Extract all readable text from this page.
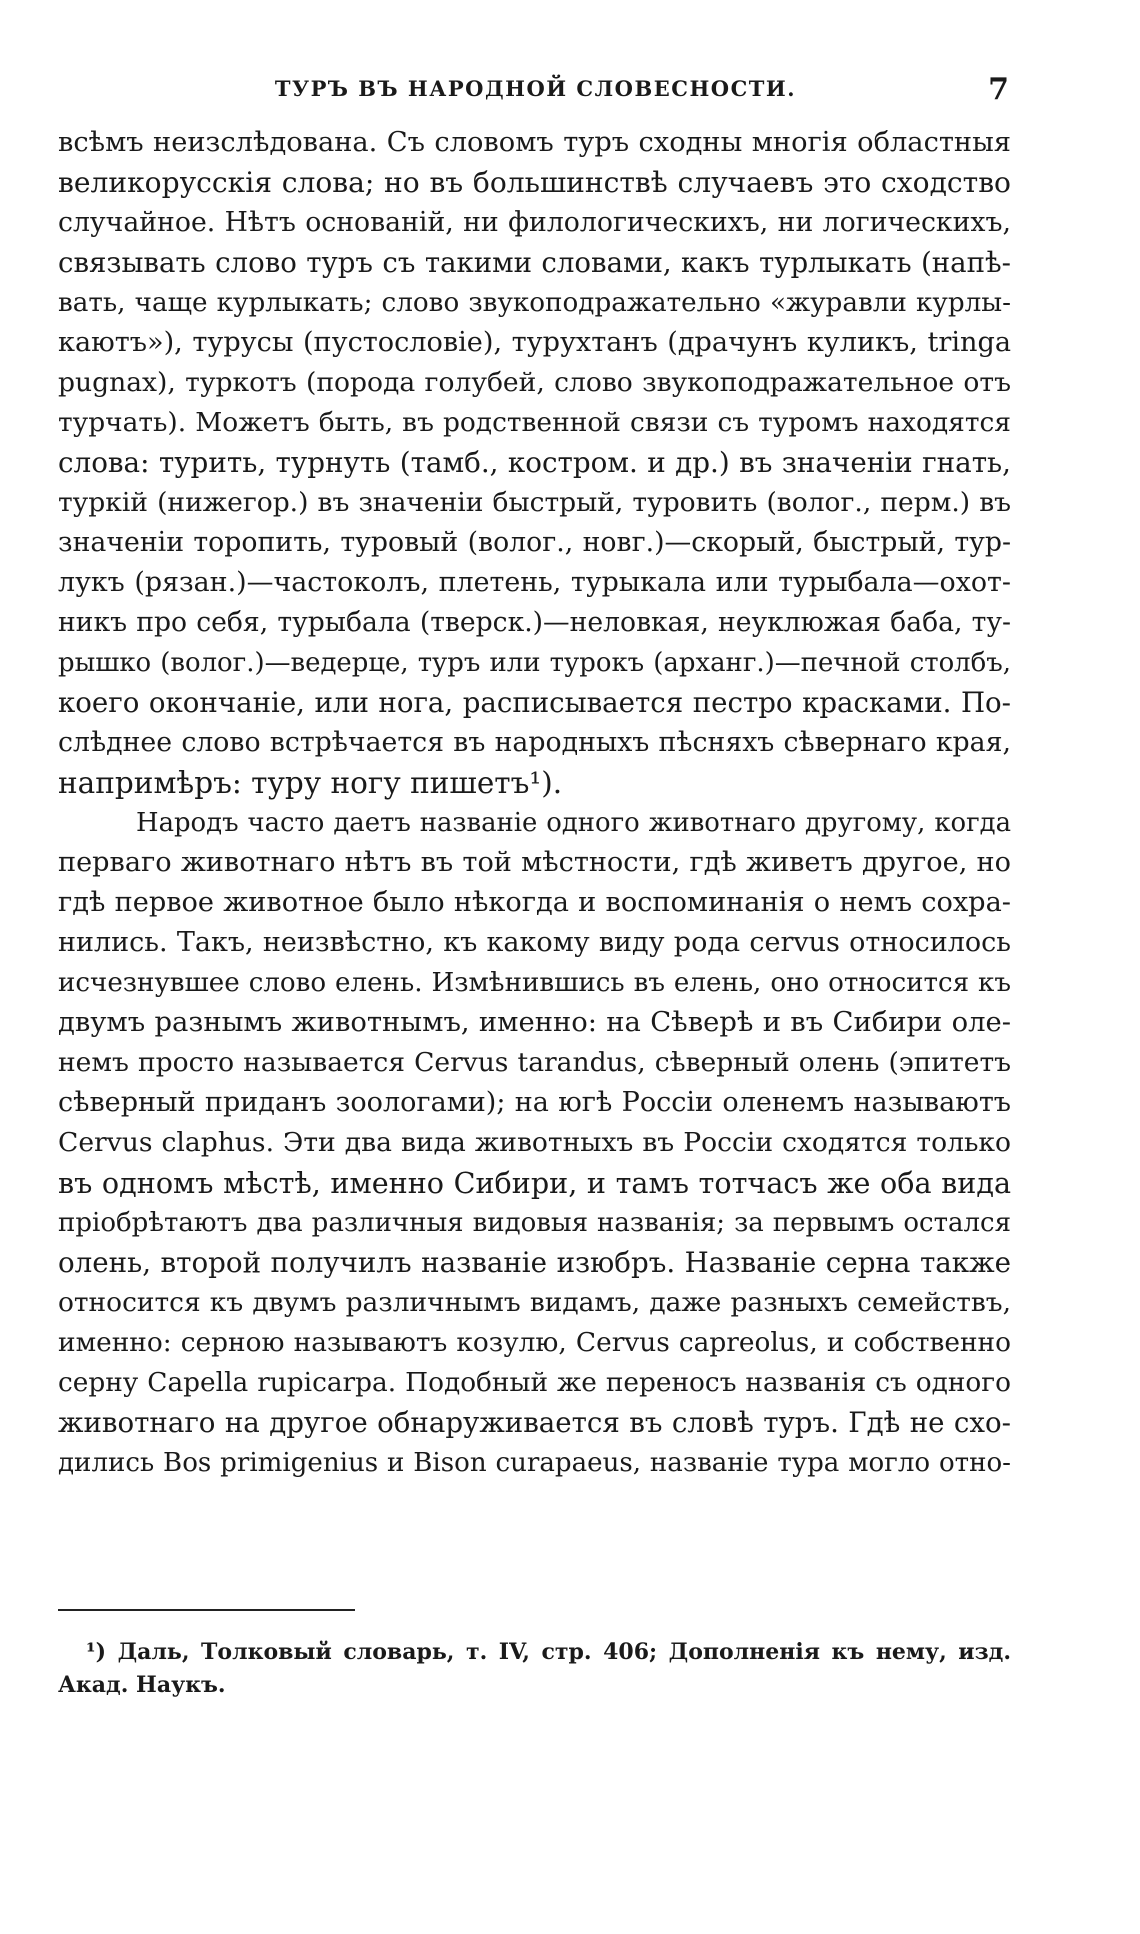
ТУРЪ ВЪ НАРОДНОЙ СЛОВЕСНОСТИ.	7
всѣмъ неизслѣдована. Съ словомъ туръ сходны многія областныя
великорусскія слова; но въ большинствѣ случаевъ это сходство
случайное. Нѣтъ основаній, ни филологическихъ, ни логическихъ,
связывать слово туръ съ такими словами, какъ турлыкать (напѣ-
вать, чаще курлыкать; слово звукоподражательно «журавли курлы-
каютъ»), турусы (пустословіе), турухтанъ (драчунъ куликъ, tringa
pugnax), туркотъ (порода голубей, слово звукоподражательное отъ
турчать). Можетъ быть, въ родственной связи съ туромъ находятся
слова: турить, турнуть (тамб., костром. и др.) въ значеніи гнать,
туркій (нижегор.) въ значеніи быстрый, туровить (волог., перм.) въ
значеніи торопить, туровый (волог., новг.)—скорый, быстрый, тур-
лукъ (рязан.)—частоколъ, плетень, турыкала или турыбала—охот-
никъ про себя, турыбала (тверск.)—неловкая, неуклюжая баба, ту-
рышко (волог.)—ведерце, туръ или турокъ (арханг.)—печной столбъ,
коего окончаніе, или нога, расписывается пестро красками. По-
слѣднее слово встрѣчается въ народныхъ пѣсняхъ сѣвернаго края,
напримѣръ: туру ногу пишетъ¹).
Народъ часто даетъ названіе одного животнаго другому, когда
перваго животнаго нѣтъ въ той мѣстности, гдѣ живетъ другое, но
гдѣ первое животное было нѣкогда и воспоминанія о немъ сохра-
нились. Такъ, неизвѣстно, къ какому виду рода cervus относилось
исчезнувшее слово елень. Измѣнившись въ елень, оно относится къ
двумъ разнымъ животнымъ, именно: на Сѣверѣ и въ Сибири оле-
немъ просто называется Cervus tarandus, сѣверный олень (эпитетъ
сѣверный приданъ зоологами); на югѣ Россіи оленемъ называютъ
Cervus claphus. Эти два вида животныхъ въ Россіи сходятся только
въ одномъ мѣстѣ, именно Сибири, и тамъ тотчасъ же оба вида
пріобрѣтаютъ два различныя видовыя названія; за первымъ остался
олень, второй получилъ названіе изюбръ. Названіе серна также
относится къ двумъ различнымъ видамъ, даже разныхъ семействъ,
именно: серною называютъ козулю, Cervus capreolus, и собственно
серну Capella rupicarpa. Подобный же переносъ названія съ одного
животнаго на другое обнаруживается въ словѣ туръ. Гдѣ не схо-
дились Bos primigenius и Bison curapaeus, названіе тура могло отно-
¹) Даль, Толковый словарь, т. IV, стр. 406; Дополненія къ нему, изд.
Акад. Наукъ.
